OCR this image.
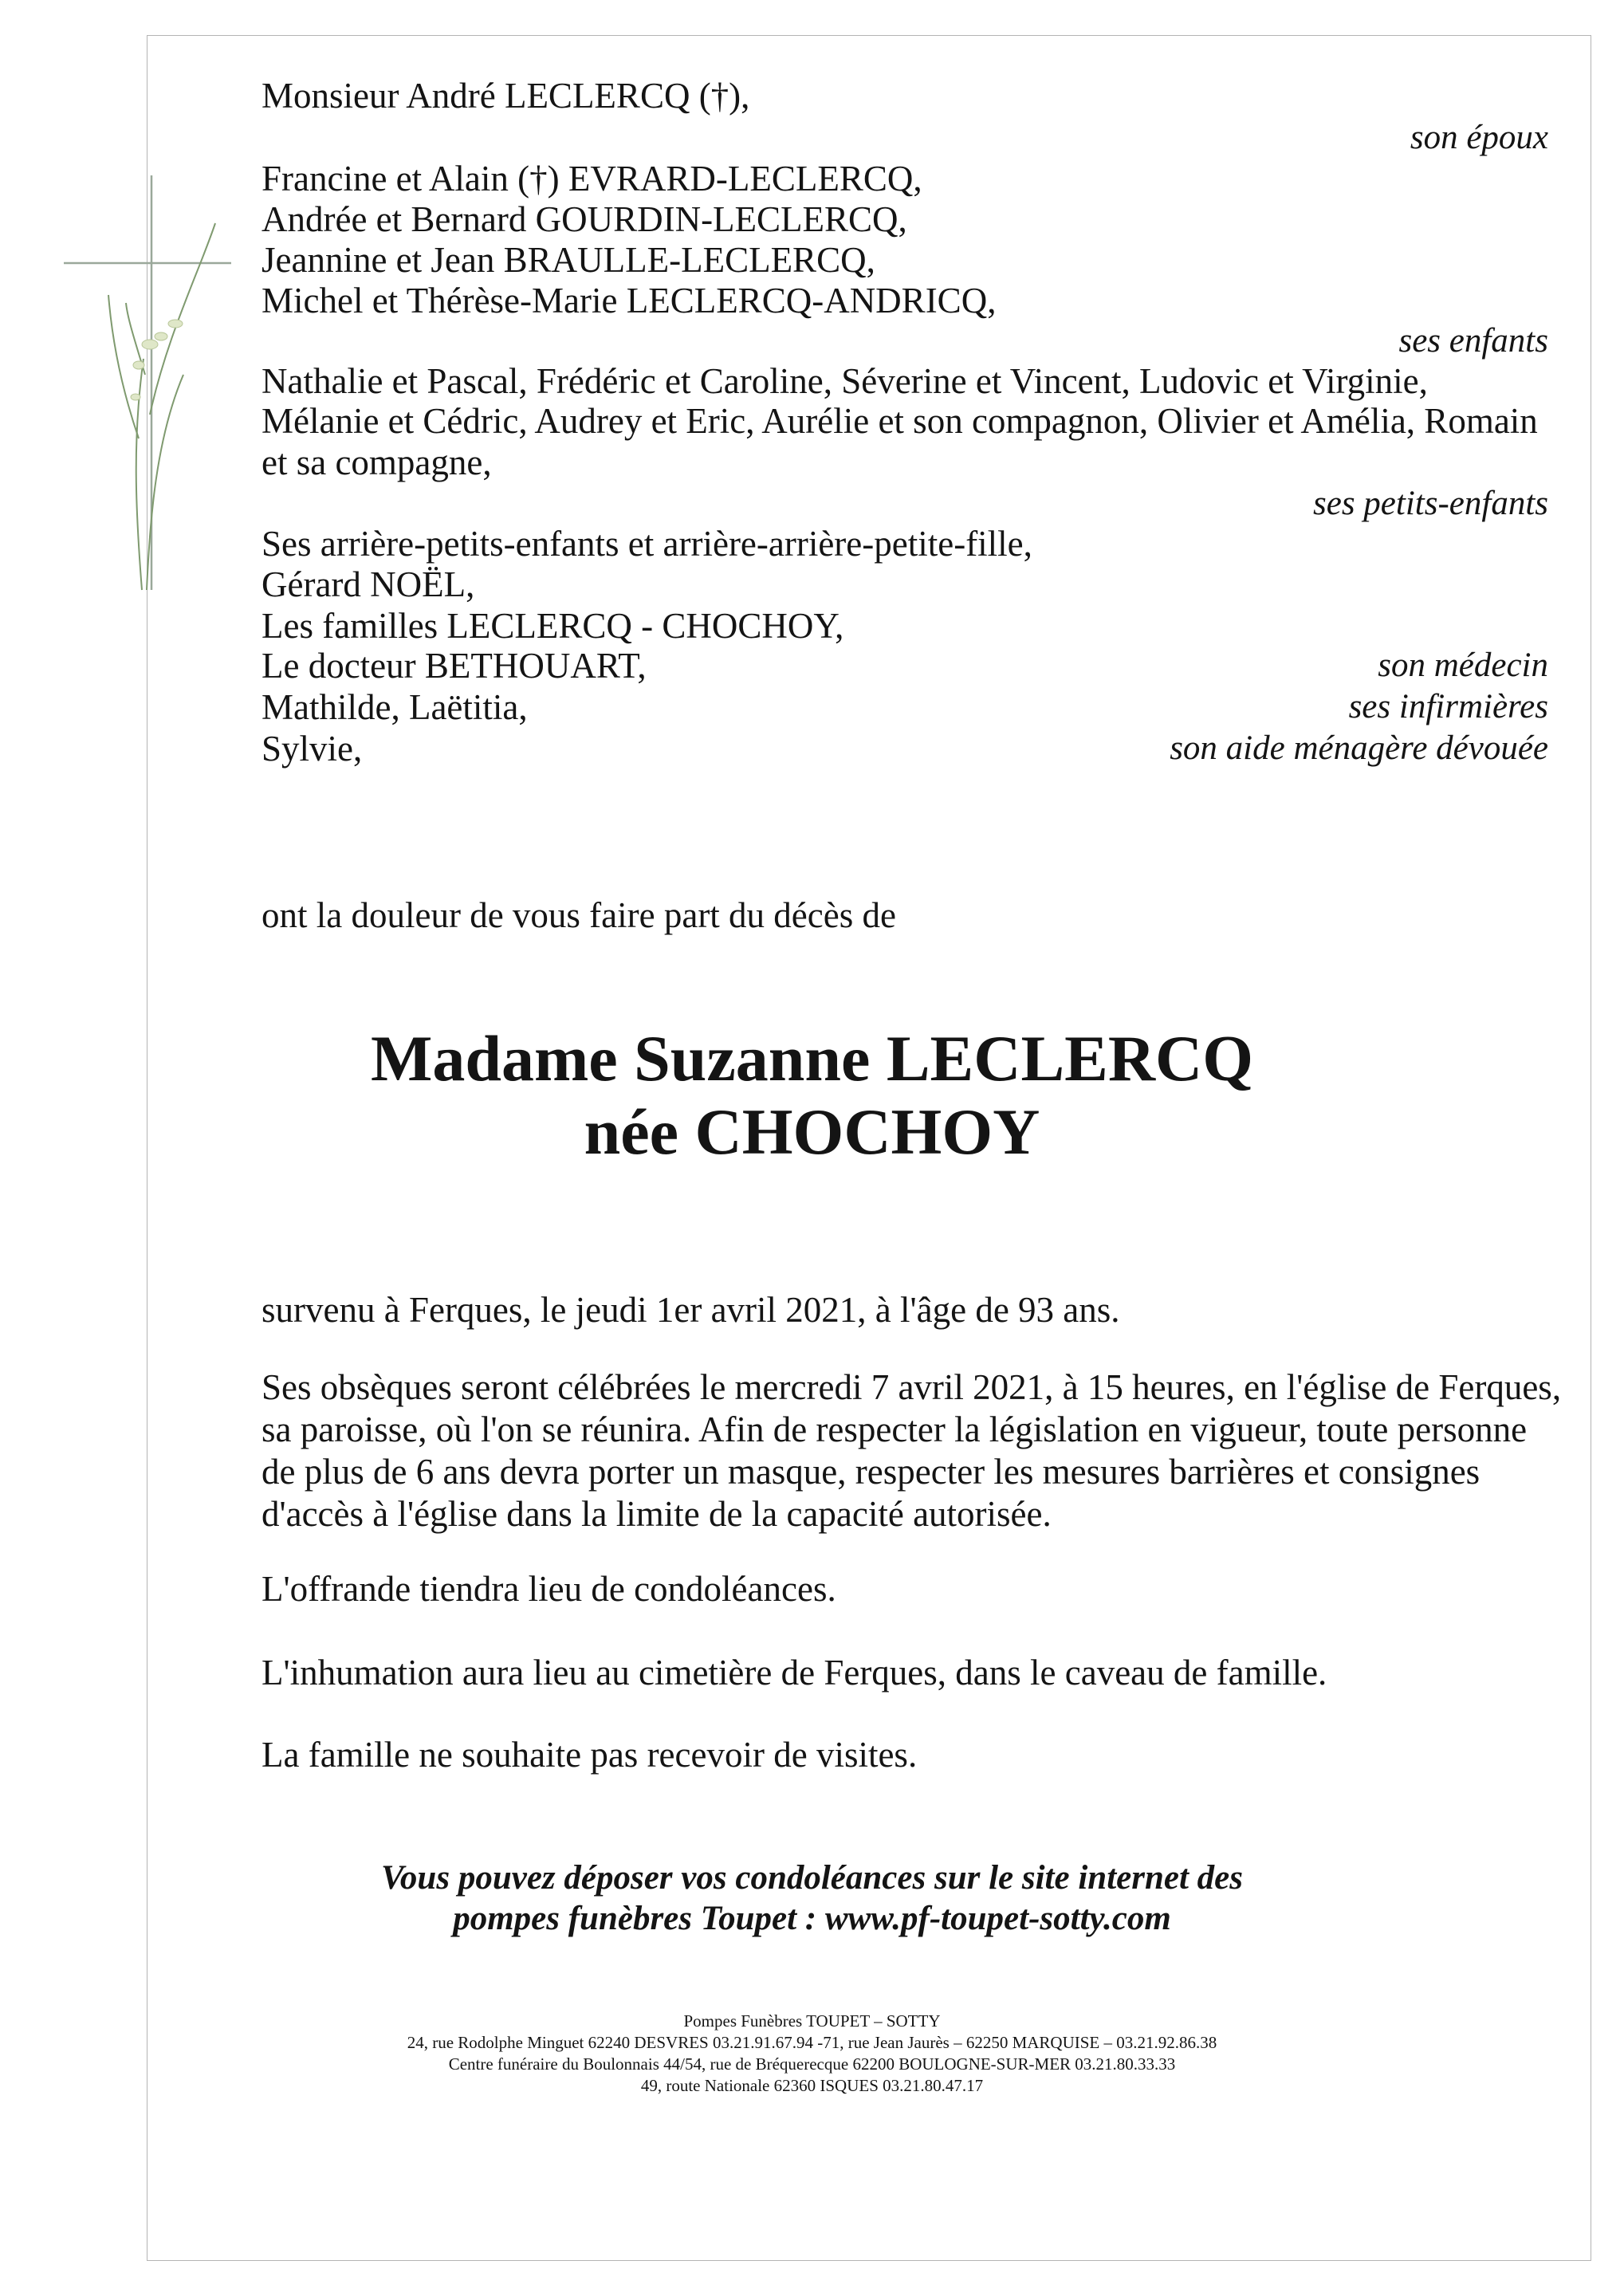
Monsieur André LECLERCQ (†),
son époux
Francine et Alain (†) EVRARD-LECLERCQ,
Andrée et Bernard GOURDIN-LECLERCQ,
Jeannine et Jean BRAULLE-LECLERCQ,
Michel et Thérèse-Marie LECLERCQ-ANDRICQ,
ses enfants
Nathalie et Pascal, Frédéric et Caroline, Séverine et Vincent, Ludovic et Virginie,
Mélanie et Cédric, Audrey et Eric, Aurélie et son compagnon, Olivier et Amélia, Romain
et sa compagne,
ses petits-enfants
Ses arrière-petits-enfants et arrière-arrière-petite-fille,
Gérard NOËL,
Les familles LECLERCQ - CHOCHOY,
Le docteur BETHOUART,	son médecin
Mathilde, Laëtitia,	ses infirmières
Sylvie,	son aide ménagère dévouée
ont la douleur de vous faire part du décès de
Madame Suzanne LECLERCQ
née CHOCHOY
survenu à Ferques, le jeudi 1er avril 2021, à l'âge de 93 ans.

Ses obsèques seront célébrées le mercredi 7 avril 2021, à 15 heures, en l'église de Ferques, sa paroisse, où l'on se réunira. Afin de respecter la législation en vigueur, toute personne de plus de 6 ans devra porter un masque, respecter les mesures barrières et consignes d'accès à l'église dans la limite de la capacité autorisée.

L'offrande tiendra lieu de condoléances.
L'inhumation aura lieu au cimetière de Ferques, dans le caveau de famille.
La famille ne souhaite pas recevoir de visites.
Vous pouvez déposer vos condoléances sur le site internet des
pompes funèbres Toupet : www.pf-toupet-sotty.com
Pompes Funèbres TOUPET – SOTTY
24, rue Rodolphe Minguet 62240 DESVRES 03.21.91.67.94 -71, rue Jean Jaurès – 62250 MARQUISE – 03.21.92.86.38
Centre funéraire du Boulonnais 44/54, rue de Bréquerecque 62200 BOULOGNE-SUR-MER 03.21.80.33.33
49, route Nationale 62360 ISQUES 03.21.80.47.17
